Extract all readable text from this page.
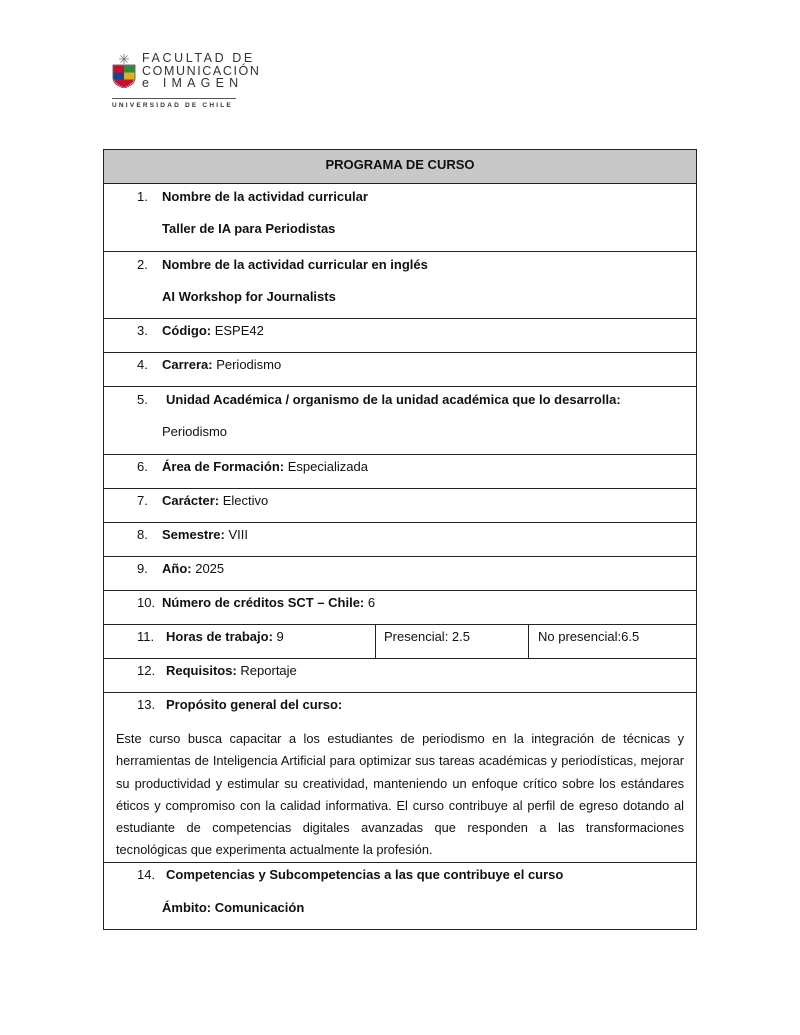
FACULTAD DE
COMUNICACIÓN
e IMAGEN
UNIVERSIDAD DE CHILE
PROGRAMA DE CURSO
1. Nombre de la actividad curricular
Taller de IA para Periodistas
2. Nombre de la actividad curricular en inglés
AI Workshop for Journalists
3. Código: ESPE42
4. Carrera: Periodismo
5. Unidad Académica / organismo de la unidad académica que lo desarrolla:
Periodismo
6. Área de Formación: Especializada
7. Carácter: Electivo
8. Semestre: VIII
9. Año: 2025
10. Número de créditos SCT – Chile: 6
11. Horas de trabajo: 9	Presencial: 2.5	No presencial:6.5
12. Requisitos: Reportaje
13. Propósito general del curso:
Este curso busca capacitar a los estudiantes de periodismo en la integración de técnicas y herramientas de Inteligencia Artificial para optimizar sus tareas académicas y periodísticas, mejorar su productividad y estimular su creatividad, manteniendo un enfoque crítico sobre los estándares éticos y compromiso con la calidad informativa. El curso contribuye al perfil de egreso dotando al estudiante de competencias digitales avanzadas que responden a las transformaciones tecnológicas que experimenta actualmente la profesión.
14. Competencias y Subcompetencias a las que contribuye el curso
Ámbito: Comunicación
